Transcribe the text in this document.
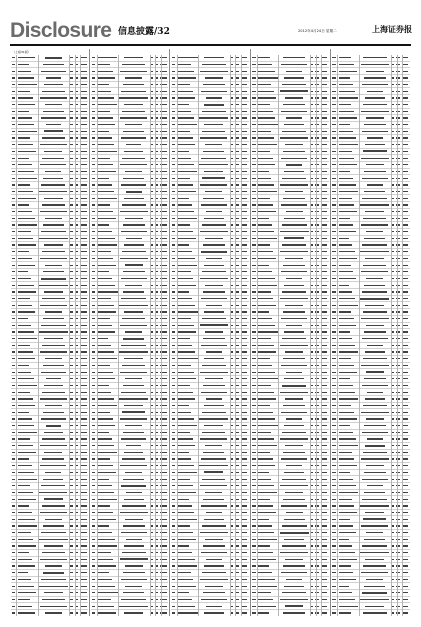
Disclosure 信息披露/32	2012年4月24日 星期二	上海证券报
（上接31版）
